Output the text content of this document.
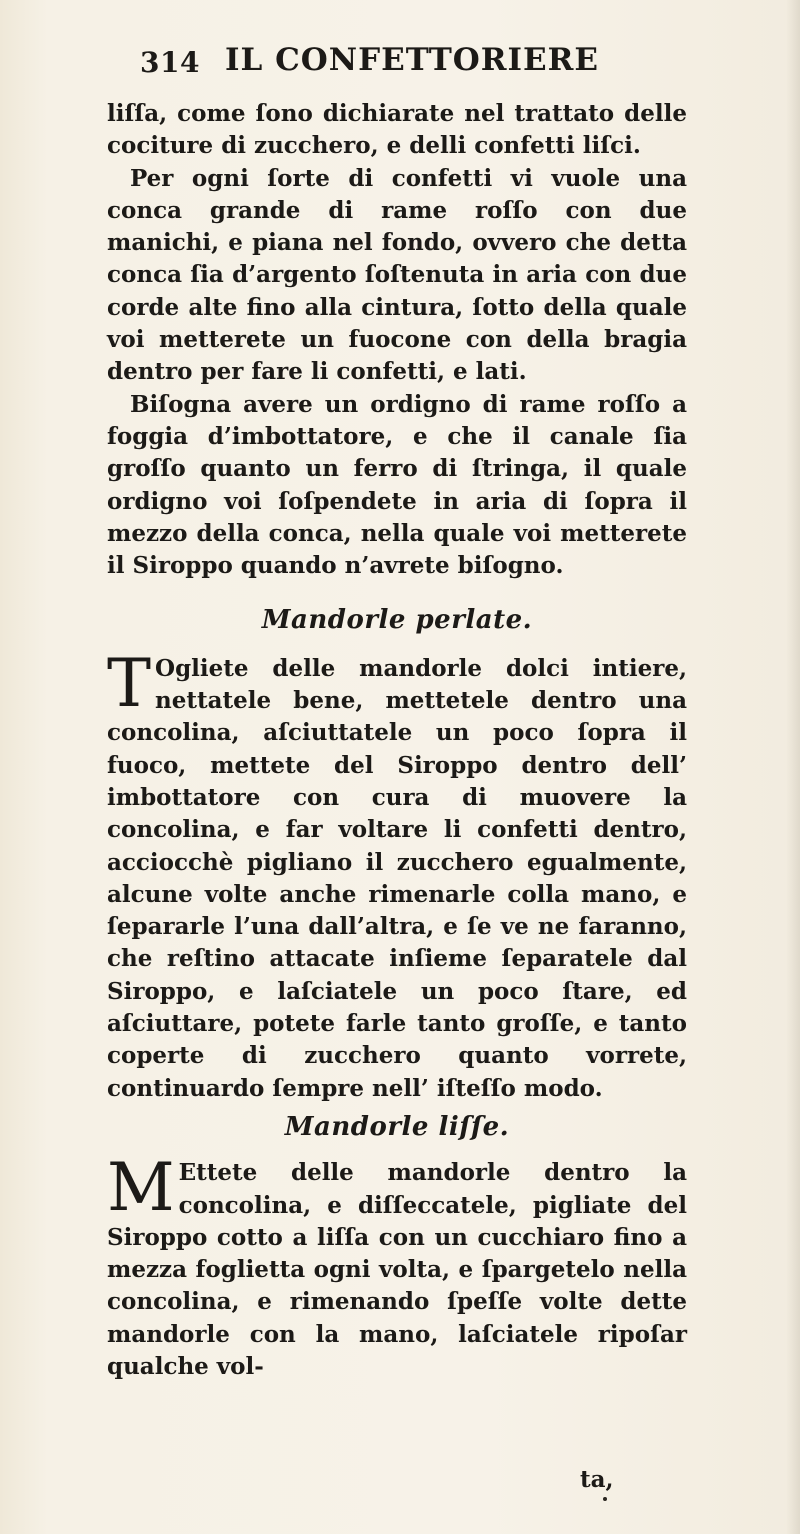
314 IL CONFETTORIERE

liſſa, come ſono dichiarate nel trattato delle cociture di zucchero, e delli confetti liſci.

Per ogni ſorte di confetti vi vuole una conca grande di rame roſſo con due manichi, e piana nel fondo, ovvero che detta conca ſia d’argento ſoſtenuta in aria con due corde alte fino alla cintura, ſotto della quale voi metterete un fuocone con della bragia dentro per fare li confetti, e lati.

Biſogna avere un ordigno di rame roſſo a foggia d’imbottatore, e che il canale ſia groſſo quanto un ferro di ſtringa, il quale ordigno voi ſoſpendete in aria di ſopra il mezzo della conca, nella quale voi metterete il Siroppo quando n’avrete biſogno.

Mandorle perlate.

T Ogliete delle mandorle dolci intiere, nettatele bene, mettetele dentro una concolina, aſciuttatele un poco ſopra il fuoco, mettete del Siroppo dentro dell’ imbottatore con cura di muovere la concolina, e far voltare li confetti dentro, acciocchè pigliano il zucchero egualmente, alcune volte anche rimenarle colla mano, e ſepararle l’una dall’altra, e ſe ve ne faranno, che reſtino attacate inſieme ſeparatele dal Siroppo, e laſciatele un poco ſtare, ed aſciuttare, potete farle tanto groſſe, e tanto coperte di zucchero quanto vorrete, continuardo ſempre nell’ iſteſſo modo.

Mandorle liſſe.

M Ettete delle mandorle dentro la concolina, e diſſeccatele, pigliate del Siroppo cotto a liſſa con un cucchiaro fino a mezza foglietta ogni volta, e ſpargetelo nella concolina, e rimenando ſpeſſe volte dette mandorle con la mano, laſciatele ripoſar qualche vol-

ta,
